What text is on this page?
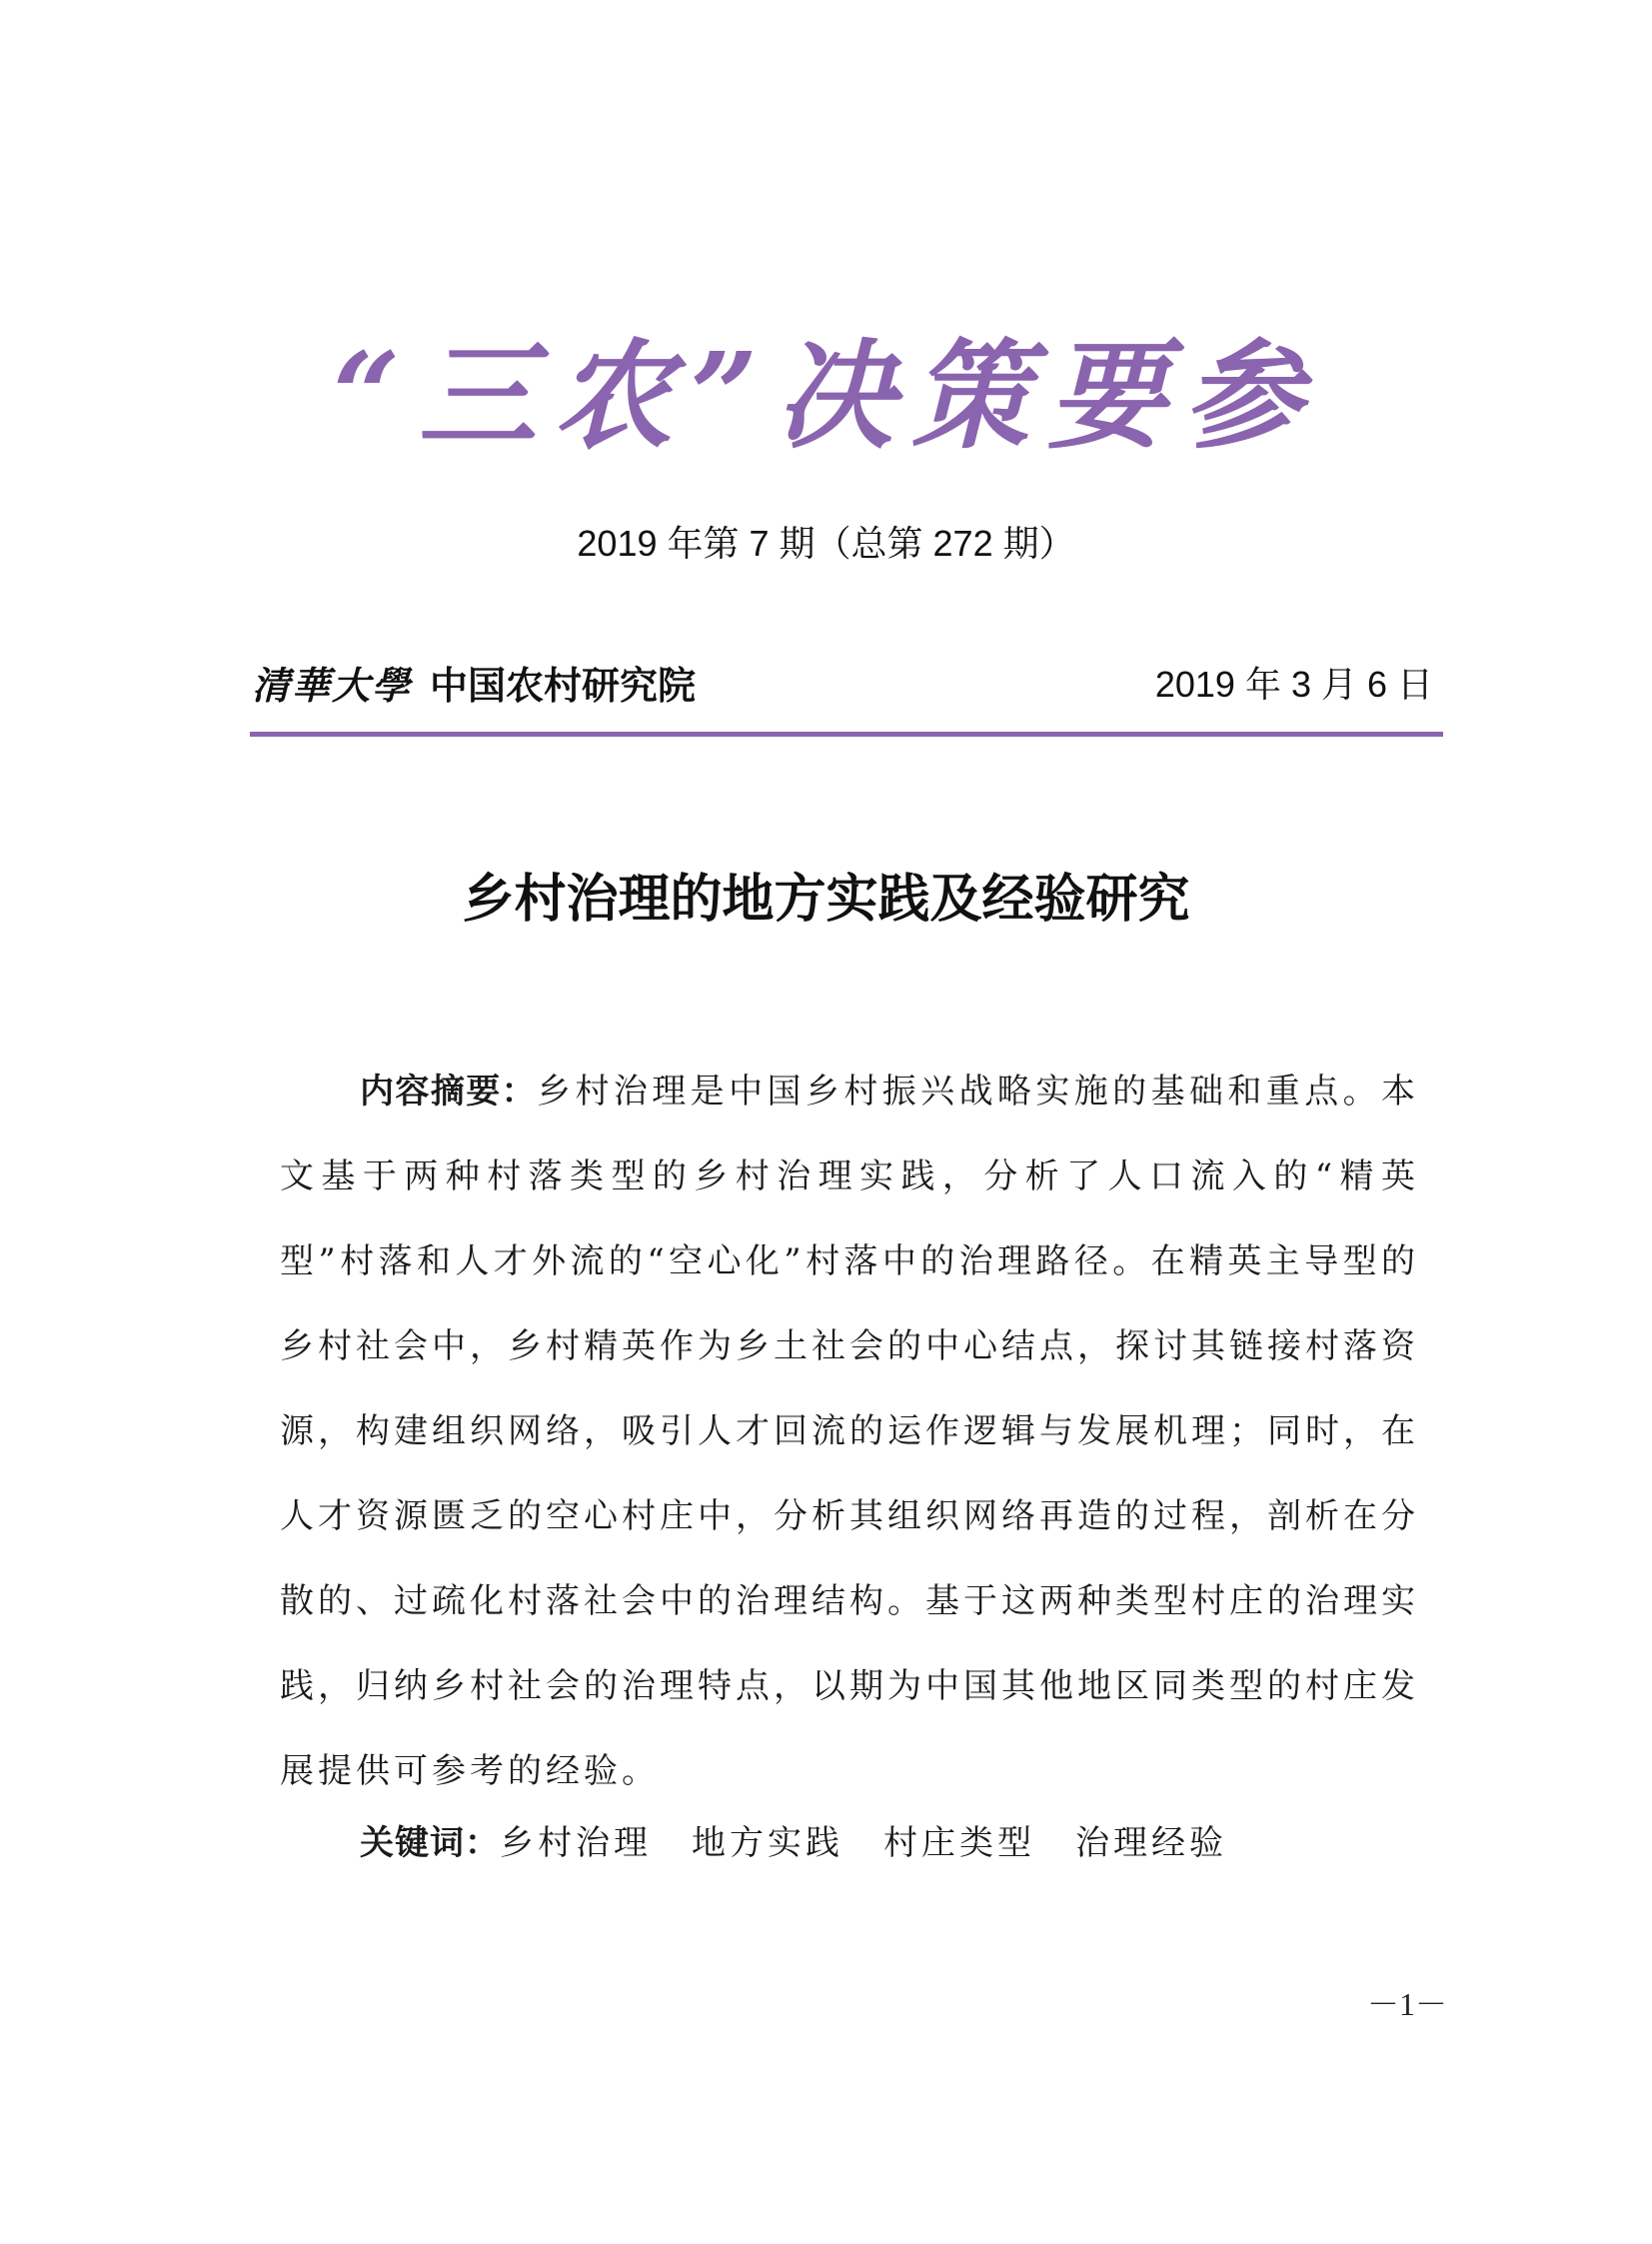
“三农”决策要参
2019 年第 7 期（总第 272 期）
清華大學 中国农村研究院	2019 年 3 月 6 日
乡村治理的地方实践及经验研究
内容摘要：乡村治理是中国乡村振兴战略实施的基础和重点。本文基于两种村落类型的乡村治理实践，分析了人口流入的“精英型”村落和人才外流的“空心化”村落中的治理路径。在精英主导型的乡村社会中，乡村精英作为乡土社会的中心结点，探讨其链接村落资源，构建组织网络，吸引人才回流的运作逻辑与发展机理；同时，在人才资源匮乏的空心村庄中，分析其组织网络再造的过程，剖析在分散的、过疏化村落社会中的治理结构。基于这两种类型村庄的治理实践，归纳乡村社会的治理特点，以期为中国其他地区同类型的村庄发展提供可参考的经验。
关键词：乡村治理 地方实践 村庄类型 治理经验
－1－
